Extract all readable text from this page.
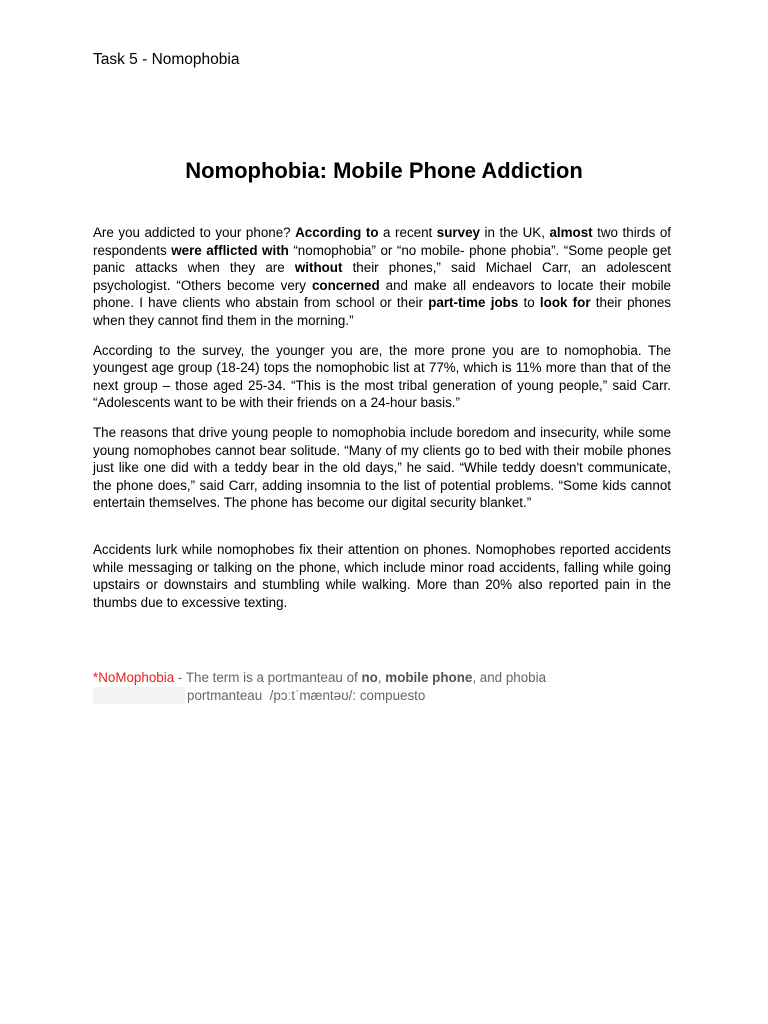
Task 5 - Nomophobia
Nomophobia: Mobile Phone Addiction

Are you addicted to your phone? According to a recent survey in the UK, almost two thirds of respondents were afflicted with “nomophobia” or “no mobile- phone phobia”. “Some people get panic attacks when they are without their phones,” said Michael Carr, an adolescent psychologist. “Others become very concerned and make all endeavors to locate their mobile phone. I have clients who abstain from school or their part-time jobs to look for their phones when they cannot find them in the morning.”

According to the survey, the younger you are, the more prone you are to nomophobia. The youngest age group (18-24) tops the nomophobic list at 77%, which is 11% more than that of the next group – those aged 25-34. “This is the most tribal generation of young people,” said Carr. “Adolescents want to be with their friends on a 24-hour basis.”

The reasons that drive young people to nomophobia include boredom and insecurity, while some young nomophobes cannot bear solitude. “Many of my clients go to bed with their mobile phones just like one did with a teddy bear in the old days,” he said. “While teddy doesn't communicate, the phone does,” said Carr, adding insomnia to the list of potential problems. “Some kids cannot entertain themselves. The phone has become our digital security blanket.”

Accidents lurk while nomophobes fix their attention on phones. Nomophobes reported accidents while messaging or talking on the phone, which include minor road accidents, falling while going upstairs or downstairs and stumbling while walking. More than 20% also reported pain in the thumbs due to excessive texting.

*NoMophobia - The term is a portmanteau of no, mobile phone, and phobia
portmanteau  /pɔːtˈmæntəʊ/: compuesto
